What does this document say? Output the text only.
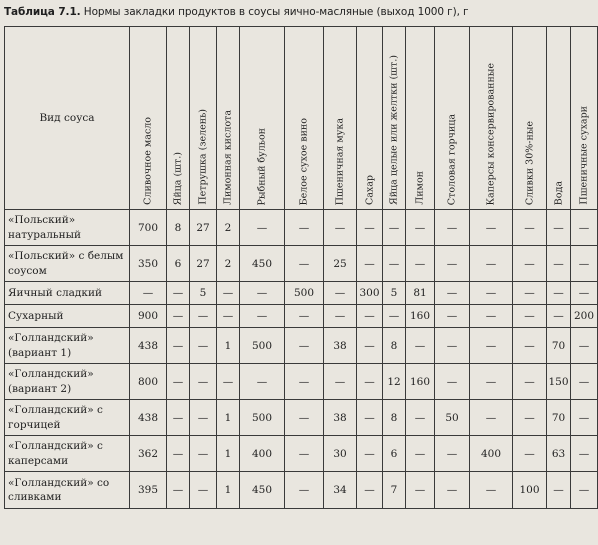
Таблица 7.1. Нормы закладки продуктов в соусы яично-масляные (выход 1000 г), г
Вид соуса	Сливочное масло	Яйца (шт.)	Петрушка (зелень)	Лимонная кислота	Рыбный бульон	Белое сухое вино	Пшеничная мука	Сахар	Яйца целые или желтки (шт.)	Лимон	Столовая горчица	Каперсы консервированные	Сливки 30%-ные	Вода	Пшеничные сухари

«Польский» натуральный	700	8	27	2	—	—	—	—	—	—	—	—	—	—	—
«Польский» с белым соусом	350	6	27	2	450	—	25	—	—	—	—	—	—	—	—
Яичный сладкий	—	—	5	—	—	500	—	300	5	81	—	—	—	—	—
Сухарный	900	—	—	—	—	—	—	—	—	160	—	—	—	—	200
«Голландский» (вариант 1)	438	—	—	1	500	—	38	—	8	—	—	—	—	70	—
«Голландский» (вариант 2)	800	—	—	—	—	—	—	—	12	160	—	—	—	150	—
«Голландский» с горчицей	438	—	—	1	500	—	38	—	8	—	50	—	—	70	—
«Голландский» с каперсами	362	—	—	1	400	—	30	—	6	—	—	400	—	63	—
«Голландский» со сливками	395	—	—	1	450	—	34	—	7	—	—	—	100	—	—
